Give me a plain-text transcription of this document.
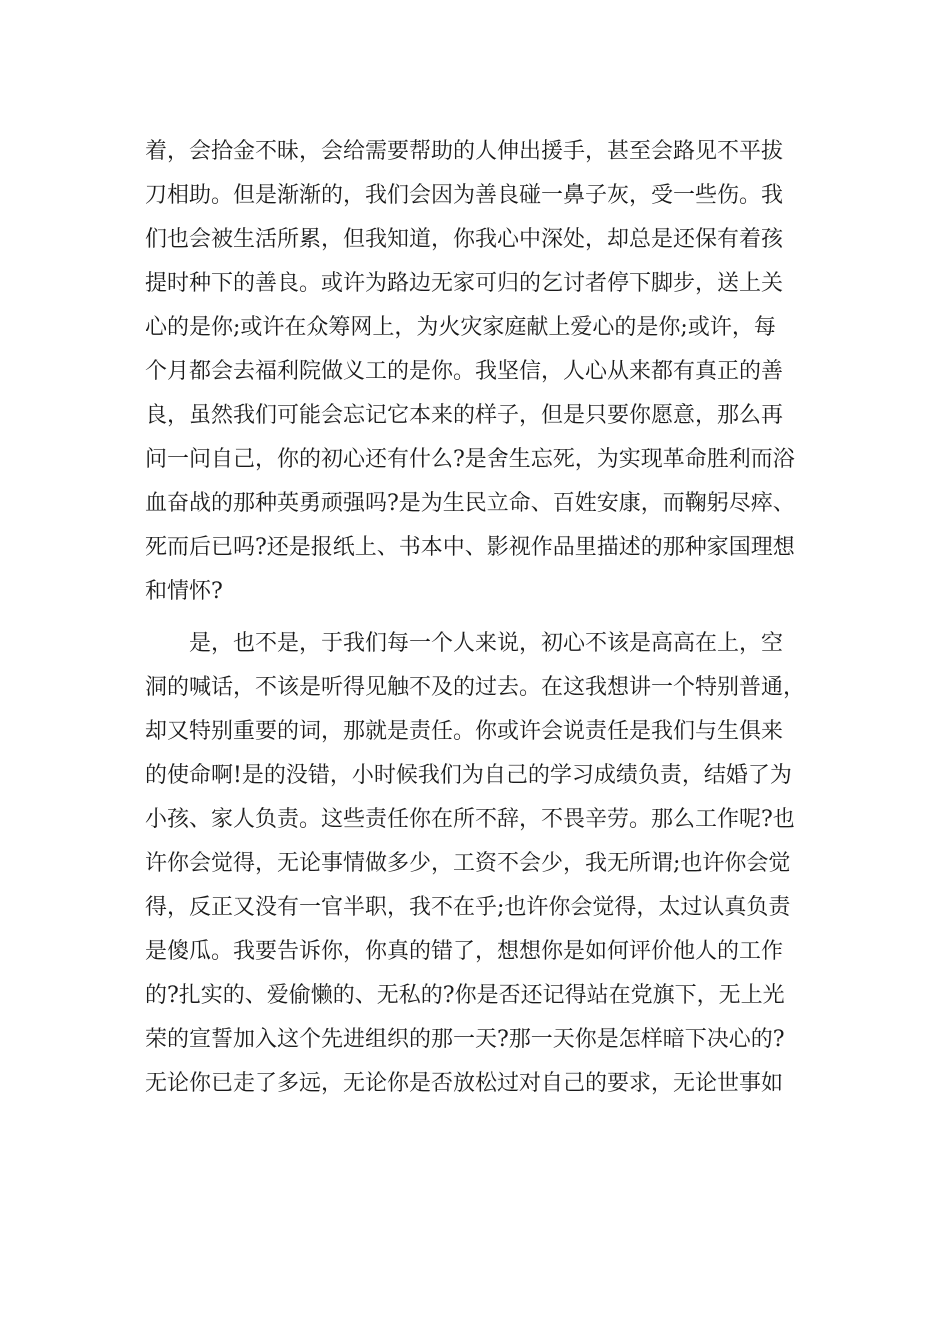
着，会拾金不昧，会给需要帮助的人伸出援手，甚至会路见不平拔
刀相助。但是渐渐的，我们会因为善良碰一鼻子灰，受一些伤。我
们也会被生活所累，但我知道，你我心中深处，却总是还保有着孩
提时种下的善良。或许为路边无家可归的乞讨者停下脚步，送上关
心的是你;或许在众筹网上，为火灾家庭献上爱心的是你;或许，每
个月都会去福利院做义工的是你。我坚信，人心从来都有真正的善
良，虽然我们可能会忘记它本来的样子，但是只要你愿意，那么再
问一问自己，你的初心还有什么?是舍生忘死，为实现革命胜利而浴
血奋战的那种英勇顽强吗?是为生民立命、百姓安康，而鞠躬尽瘁、
死而后已吗?还是报纸上、书本中、影视作品里描述的那种家国理想
和情怀?
是，也不是，于我们每一个人来说，初心不该是高高在上，空
洞的喊话，不该是听得见触不及的过去。在这我想讲一个特别普通，
却又特别重要的词，那就是责任。你或许会说责任是我们与生俱来
的使命啊!是的没错，小时候我们为自己的学习成绩负责，结婚了为
小孩、家人负责。这些责任你在所不辞，不畏辛劳。那么工作呢?也
许你会觉得，无论事情做多少，工资不会少，我无所谓;也许你会觉
得，反正又没有一官半职，我不在乎;也许你会觉得，太过认真负责
是傻瓜。我要告诉你，你真的错了，想想你是如何评价他人的工作
的?扎实的、爱偷懒的、无私的?你是否还记得站在党旗下，无上光
荣的宣誓加入这个先进组织的那一天?那一天你是怎样暗下决心的?
无论你已走了多远，无论你是否放松过对自己的要求，无论世事如
